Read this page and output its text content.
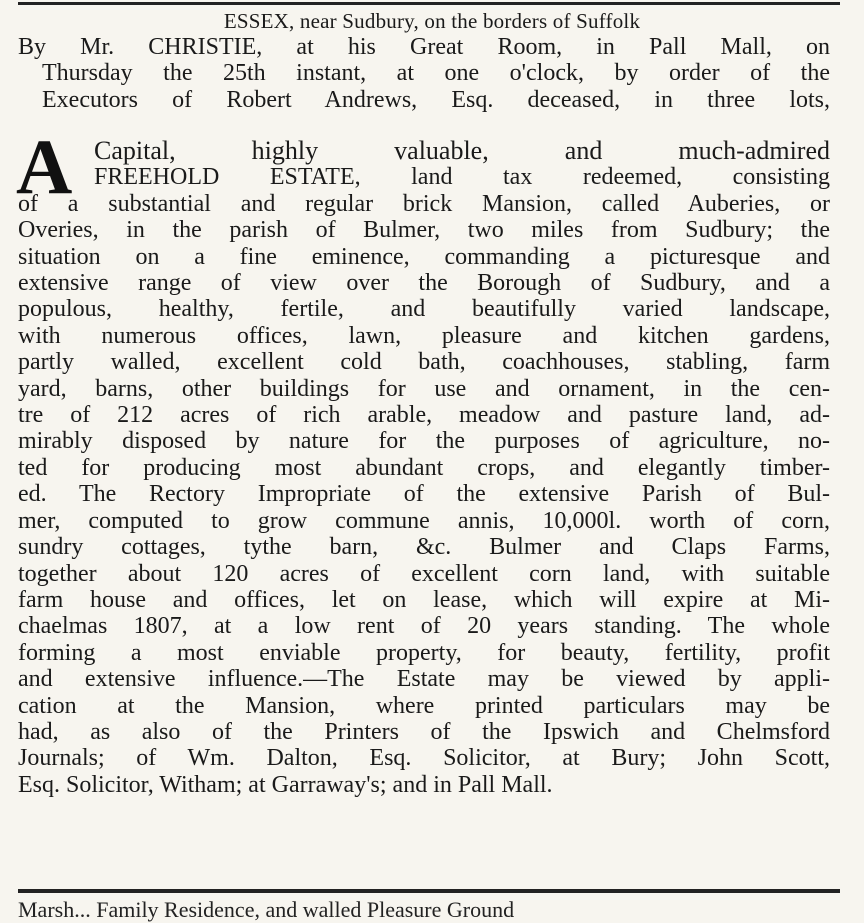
ESSEX, near Sudbury, on the borders of Suffolk
By Mr. CHRISTIE, at his Great Room, in Pall Mall, on
Thursday the 25th instant, at one o'clock, by order of the
Executors of Robert Andrews, Esq. deceased, in three lots,
A Capital, highly valuable, and much-admired
FREEHOLD ESTATE, land tax redeemed, consisting
of a substantial and regular brick Mansion, called Auberies, or
Overies, in the parish of Bulmer, two miles from Sudbury; the
situation on a fine eminence, commanding a picturesque and
extensive range of view over the Borough of Sudbury, and a
populous, healthy, fertile, and beautifully varied landscape,
with numerous offices, lawn, pleasure and kitchen gardens,
partly walled, excellent cold bath, coachhouses, stabling, farm
yard, barns, other buildings for use and ornament, in the cen-
tre of 212 acres of rich arable, meadow and pasture land, ad-
mirably disposed by nature for the purposes of agriculture, no-
ted for producing most abundant crops, and elegantly timber-
ed. The Rectory Impropriate of the extensive Parish of Bul-
mer, computed to grow commune annis, 10,000l. worth of corn,
sundry cottages, tythe barn, &c. Bulmer and Claps Farms,
together about 120 acres of excellent corn land, with suitable
farm house and offices, let on lease, which will expire at Mi-
chaelmas 1807, at a low rent of 20 years standing. The whole
forming a most enviable property, for beauty, fertility, profit
and extensive influence.—The Estate may be viewed by appli-
cation at the Mansion, where printed particulars may be
had, as also of the Printers of the Ipswich and Chelmsford
Journals; of Wm. Dalton, Esq. Solicitor, at Bury; John Scott,
Esq. Solicitor, Witham; at Garraway's; and in Pall Mall.
Marsh... Family Residence, and walled Pleasure Ground
